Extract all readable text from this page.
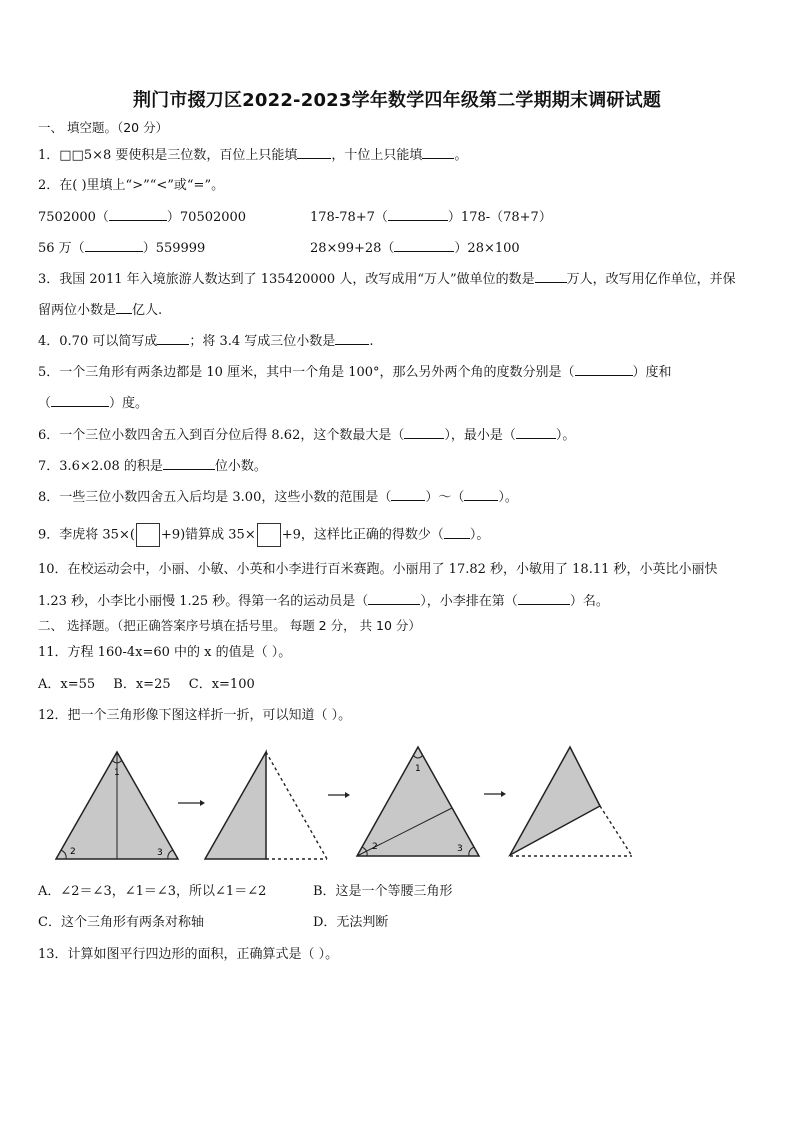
荆门市掇刀区2022-2023学年数学四年级第二学期期末调研试题
一、 填空题。（20 分）
1．□□5×8 要使积是三位数，百位上只能填	，十位上只能填 。
2．在( )里填上“>”“<”或“=”。
7502000（	）70502000	178-78+7（	）178-（78+7）
56 万（	）559999	28×99+28（	）28×100
3．我国 2011 年入境旅游人数达到了 135420000 人，改写成用“万人”做单位的数是 万人，改写用亿作单位，并保
留两位小数是 亿人.
4．0.70 可以简写成 ；将 3.4 写成三位小数是	.
5．一个三角形有两条边都是 10 厘米，其中一个角是 100°，那么另外两个角的度数分别是（	）度和
（	）度。
6．一个三位小数四舍五入到百分位后得 8.62，这个数最大是（	），最小是（	）。
7．3.6×2.08 的积是	位小数。
8．一些三位小数四舍五入后均是 3.00，这些小数的范围是（	）～（	）。
9．李虎将 35×( +9)错算成 35× +9，这样比正确的得数少（ ）。
10．在校运动会中，小丽、小敏、小英和小李进行百米赛跑。小丽用了 17.82 秒，小敏用了 18.11 秒，小英比小丽快
1.23 秒，小李比小丽慢 1.25 秒。得第一名的运动员是（	），小李排在第（	）名。
二、 选择题。（把正确答案序号填在括号里。 每题 2 分， 共 10 分）
11．方程 160-4x=60 中的 x 的值是（ ）。
A．x=55 B．x=25 C．x=100
12．把一个三角形像下图这样折一折，可以知道（ ）。
1
2	3
1
2	3
A．∠2＝∠3，∠1＝∠3，所以∠1＝∠2	B．这是一个等腰三角形
C．这个三角形有两条对称轴	D．无法判断
13．计算如图平行四边形的面积，正确算式是（ ）。
